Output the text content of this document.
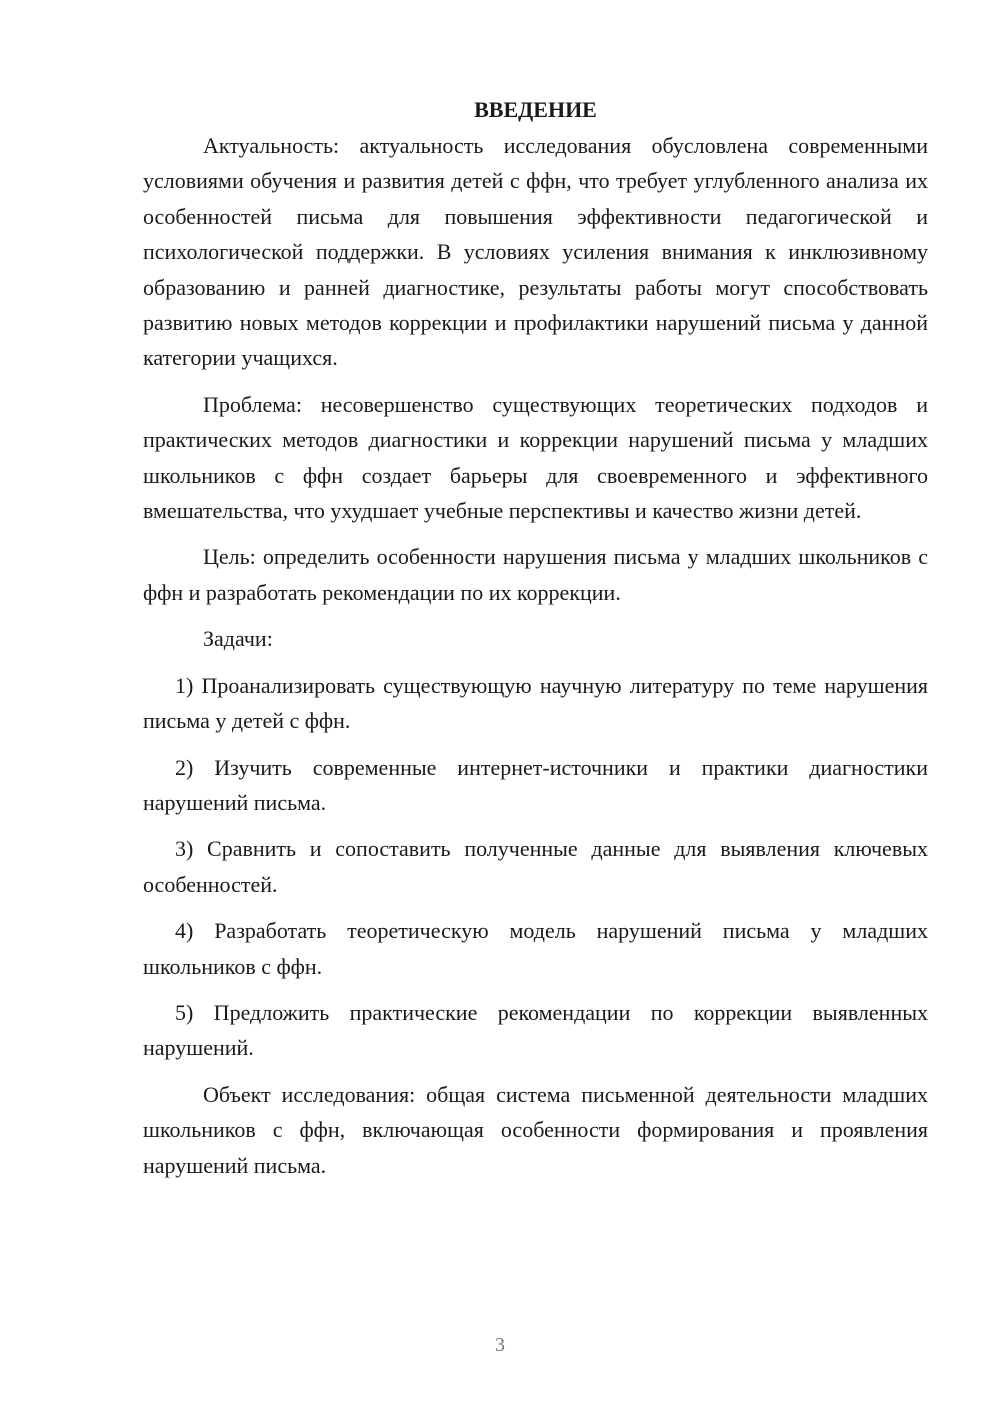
ВВЕДЕНИЕ

Актуальность: актуальность исследования обусловлена современными условиями обучения и развития детей с ффн, что требует углубленного анализа их особенностей письма для повышения эффективности педагогической и психологической поддержки. В условиях усиления внимания к инклюзивному образованию и ранней диагностике, результаты работы могут способствовать развитию новых методов коррекции и профилактики нарушений письма у данной категории учащихся.

Проблема: несовершенство существующих теоретических подходов и практических методов диагностики и коррекции нарушений письма у младших школьников с ффн создает барьеры для своевременного и эффективного вмешательства, что ухудшает учебные перспективы и качество жизни детей.

Цель: определить особенности нарушения письма у младших школьников с ффн и разработать рекомендации по их коррекции.

Задачи:

1) Проанализировать существующую научную литературу по теме нарушения письма у детей с ффн.

2) Изучить современные интернет-источники и практики диагностики нарушений письма.

3) Сравнить и сопоставить полученные данные для выявления ключевых особенностей.

4) Разработать теоретическую модель нарушений письма у младших школьников с ффн.

5) Предложить практические рекомендации по коррекции выявленных нарушений.

Объект исследования: общая система письменной деятельности младших школьников с ффн, включающая особенности формирования и проявления нарушений письма.

3
